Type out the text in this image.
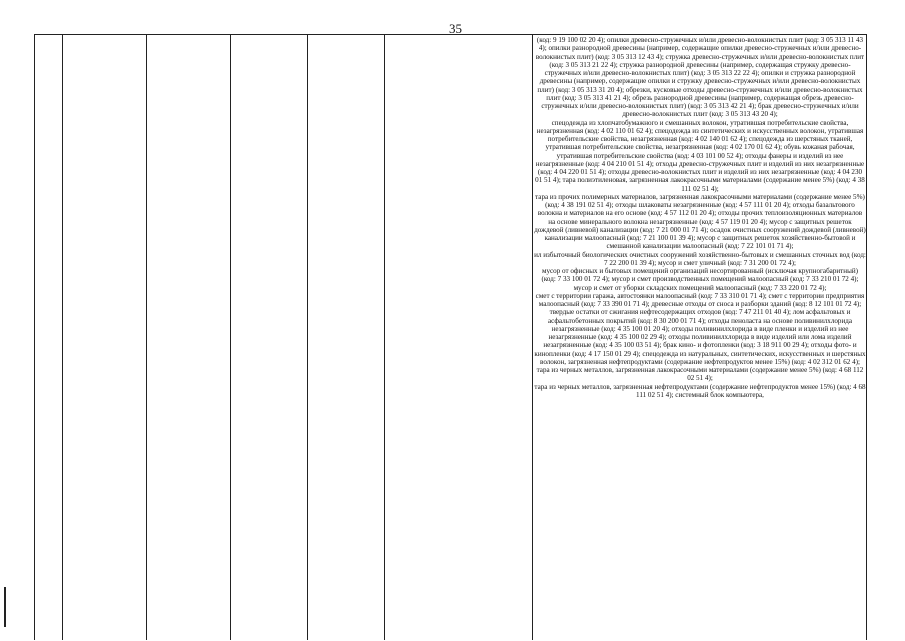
35

(код: 9 19 100 02 20 4); опилки древесно-стружечных и/или древесно-волокнистых плит (код: 3 05 313 11 43 4); опилки разнородной древесины (например, содержащие опилки древесно-стружечных и/или древесно-волокнистых плит) (код: 3 05 313 12 43 4); стружка древесно-стружечных и/или древесно-волокнистых плит (код: 3 05 313 21 22 4); стружка разнородной древесины (например, содержащая стружку древесно-стружечных и/или древесно-волокнистых плит) (код: 3 05 313 22 22 4); опилки и стружка разнородной древесины (например, содержащие опилки и стружку древесно-стружечных и/или древесно-волокнистых плит) (код: 3 05 313 31 20 4); обрезки, кусковые отходы древесно-стружечных и/или древесно-волокнистых плит (код: 3 05 313 41 21 4); обрезь разнородной древесины (например, содержащая обрезь древесно-стружечных и/или древесно-волокнистых плит) (код: 3 05 313 42 21 4); брак древесно-стружечных и/или древесно-волокнистых плит (код: 3 05 313 43 20 4);

спецодежда из хлопчатобумажного и смешанных волокон, утратившая потребительские свойства, незагрязненная (код: 4 02 110 01 62 4); спецодежда из синтетических и искусственных волокон, утратившая потребительские свойства, незагрязненная (код: 4 02 140 01 62 4); спецодежда из шерстяных тканей, утратившая потребительские свойства, незагрязненная (код: 4 02 170 01 62 4); обувь кожаная рабочая, утратившая потребительские свойства (код: 4 03 101 00 52 4); отходы фанеры и изделий из нее незагрязненные (код: 4 04 210 01 51 4); отходы древесно-стружечных плит и изделий из них незагрязненные (код: 4 04 220 01 51 4); отходы древесно-волокнистых плит и изделий из них незагрязненные (код: 4 04 230 01 51 4); тара полиэтиленовая, загрязненная лакокрасочными материалами (содержание менее 5%) (код: 4 38 111 02 51 4);

тара из прочих полимерных материалов, загрязненная лакокрасочными материалами (содержание менее 5%) (код: 4 38 191 02 51 4); отходы шлаковаты незагрязненные (код: 4 57 111 01 20 4); отходы базальтового волокна и материалов на его основе (код: 4 57 112 01 20 4); отходы прочих теплоизоляционных материалов на основе минерального волокна незагрязненные (код: 4 57 119 01 20 4); мусор с защитных решеток дождевой (ливневой) канализации (код: 7 21 000 01 71 4); осадок очистных сооружений дождевой (ливневой) канализации малоопасный (код: 7 21 100 01 39 4); мусор с защитных решеток хозяйственно-бытовой и смешанной канализации малоопасный (код: 7 22 101 01 71 4);

ил избыточный биологических очистных сооружений хозяйственно-бытовых и смешанных сточных вод (код: 7 22 200 01 39 4); мусор и смет уличный (код: 7 31 200 01 72 4);

мусор от офисных и бытовых помещений организаций несортированный (исключая крупногабаритный) (код: 7 33 100 01 72 4); мусор и смет производственных помещений малоопасный (код: 7 33 210 01 72 4); мусор и смет от уборки складских помещений малоопасный (код: 7 33 220 01 72 4);

смет с территории гаража, автостоянки малоопасный (код: 7 33 310 01 71 4); смет с территории предприятия малоопасный (код: 7 33 390 01 71 4); древесные отходы от сноса и разборки зданий (код: 8 12 101 01 72 4);

твердые остатки от сжигания нефтесодержащих отходов (код: 7 47 211 01 40 4); лом асфальтовых и асфальтобетонных покрытий (код: 8 30 200 01 71 4); отходы пеноласта на основе поливинилхлорида незагрязненные (код: 4 35 100 01 20 4); отходы поливинилхлорида в виде пленки и изделий из нее незагрязненные (код: 4 35 100 02 29 4); отходы поливинилхлорида в виде изделий или лома изделий незагрязненные (код: 4 35 100 03 51 4); брак кино- и фотопленки (код: 3 18 911 00 29 4); отходы фото- и кинопленки (код: 4 17 150 01 29 4); спецодежда из натуральных, синтетических, искусственных и шерстяных волокон, загрязненная нефтепродуктами (содержание нефтепродуктов менее 15%) (код: 4 02 312 01 62 4); тара из черных металлов, загрязненная лакокрасочными материалами (содержание менее 5%) (код: 4 68 112 02 51 4);

тара из черных металлов, загрязненная нефтепродуктами (содержание нефтепродуктов менее 15%) (код: 4 68 111 02 51 4); системный блок компьютера,
